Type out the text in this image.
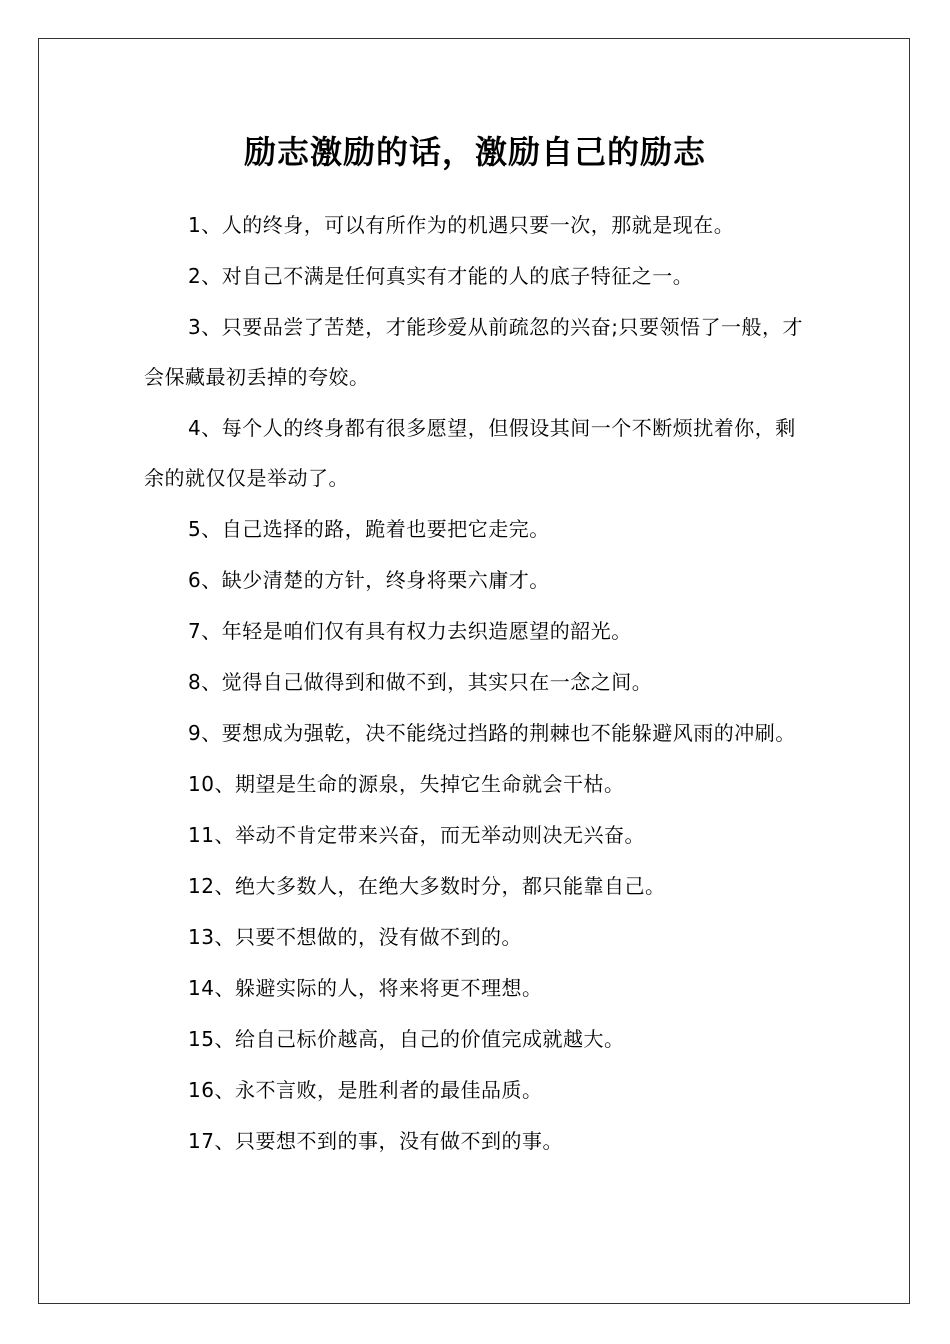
励志激励的话，激励自己的励志

1、人的终身，可以有所作为的机遇只要一次，那就是现在。

2、对自己不满是任何真实有才能的人的底子特征之一。

3、只要品尝了苦楚，才能珍爱从前疏忽的兴奋;只要领悟了一般，才会保藏最初丢掉的夸姣。

4、每个人的终身都有很多愿望，但假设其间一个不断烦扰着你，剩余的就仅仅是举动了。

5、自己选择的路，跪着也要把它走完。

6、缺少清楚的方针，终身将栗六庸才。

7、年轻是咱们仅有具有权力去织造愿望的韶光。

8、觉得自己做得到和做不到，其实只在一念之间。

9、要想成为强乾，决不能绕过挡路的荆棘也不能躲避风雨的冲刷。

10、期望是生命的源泉，失掉它生命就会干枯。

11、举动不肯定带来兴奋，而无举动则决无兴奋。

12、绝大多数人，在绝大多数时分，都只能靠自己。

13、只要不想做的，没有做不到的。

14、躲避实际的人，将来将更不理想。

15、给自己标价越高，自己的价值完成就越大。

16、永不言败，是胜利者的最佳品质。

17、只要想不到的事，没有做不到的事。
